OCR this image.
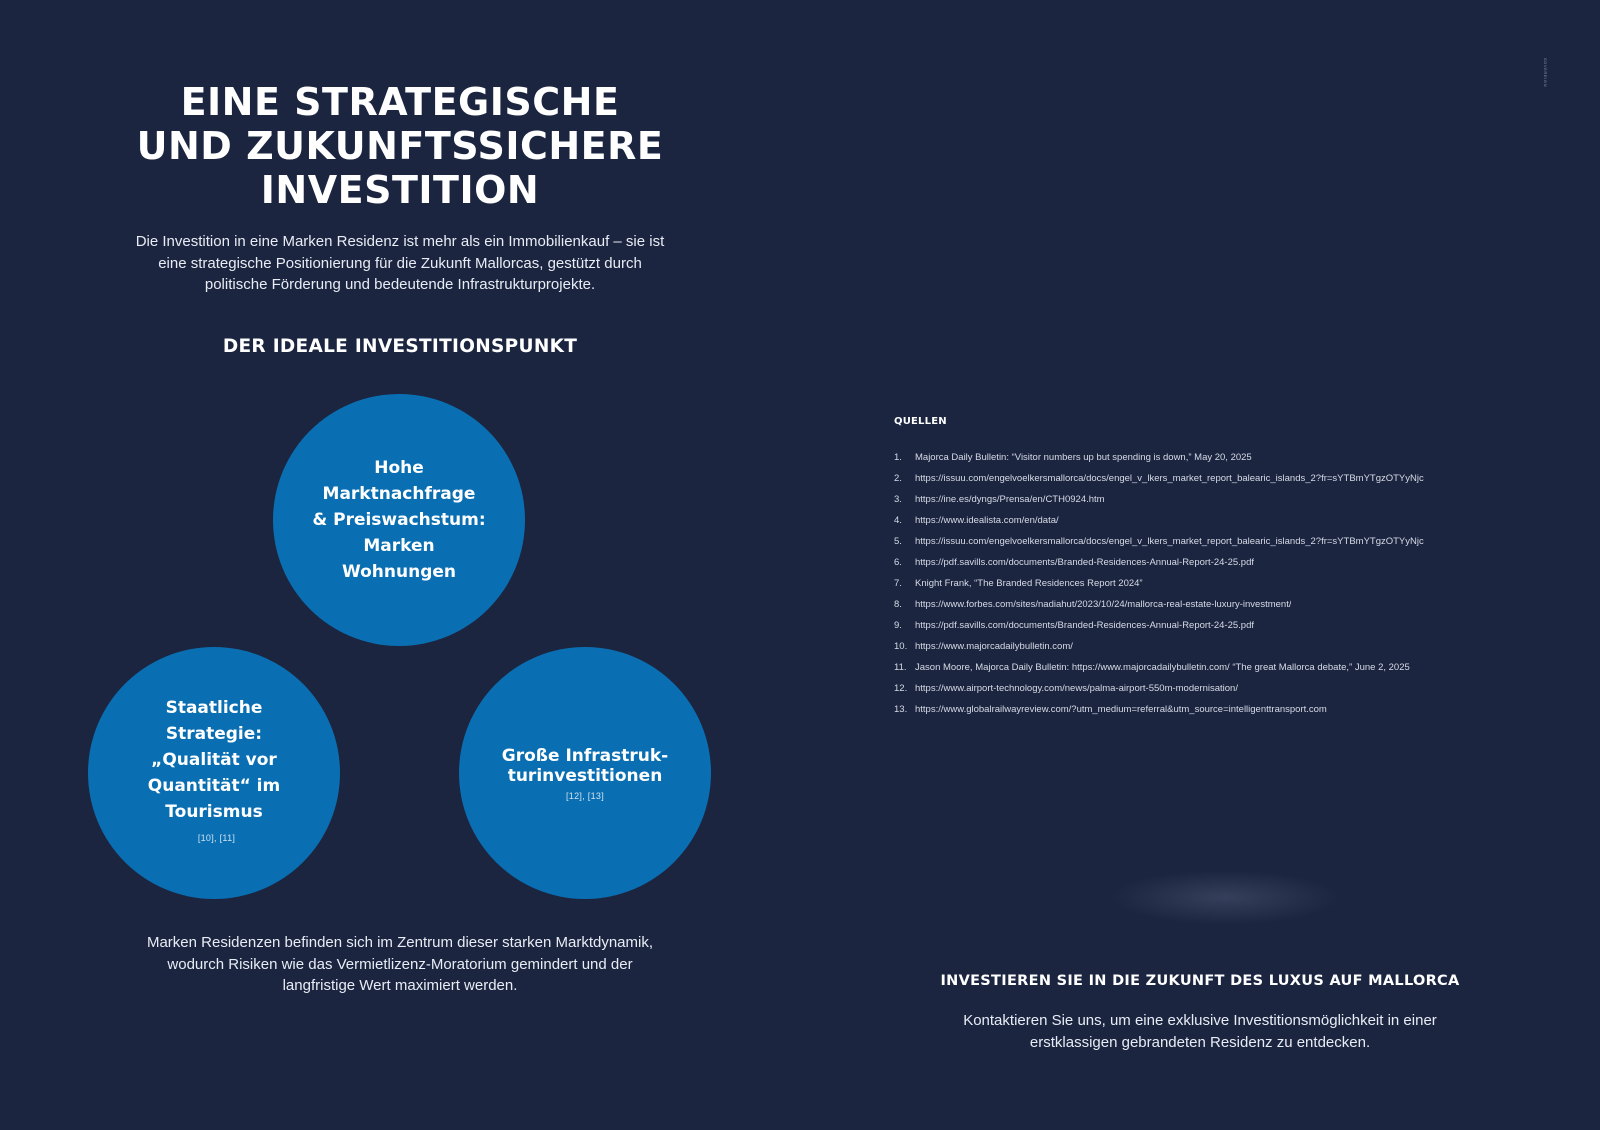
EINE STRATEGISCHE
UND ZUKUNFTSSICHERE
INVESTITION
Die Investition in eine Marken Residenz ist mehr als ein Immobilienkauf – sie ist eine strategische Positionierung für die Zukunft Mallorcas, gestützt durch politische Förderung und bedeutende Infrastrukturprojekte.
DER IDEALE INVESTITIONSPUNKT
Hohe
Marktnachfrage
& Preiswachstum:
Marken
Wohnungen
Staatliche
Strategie:
„Qualität vor
Quantität“ im
Tourismus
[10], [11]
Große Infrastruk-
turinvestitionen
[12], [13]
Marken Residenzen befinden sich im Zentrum dieser starken Marktdynamik, wodurch Risiken wie das Vermietlizenz-Moratorium gemindert und der langfristige Wert maximiert werden.
SOVEREIGN
QUELLEN
1.	Majorca Daily Bulletin: “Visitor numbers up but spending is down,” May 20, 2025
2.	https://issuu.com/engelvoelkersmallorca/docs/engel_v_lkers_market_report_balearic_islands_2?fr=sYTBmYTgzOTYyNjc
3.	https://ine.es/dyngs/Prensa/en/CTH0924.htm
4.	https://www.idealista.com/en/data/
5.	https://issuu.com/engelvoelkersmallorca/docs/engel_v_lkers_market_report_balearic_islands_2?fr=sYTBmYTgzOTYyNjc
6.	https://pdf.savills.com/documents/Branded-Residences-Annual-Report-24-25.pdf
7.	Knight Frank, “The Branded Residences Report 2024”
8.	https://www.forbes.com/sites/nadiahut/2023/10/24/mallorca-real-estate-luxury-investment/
9.	https://pdf.savills.com/documents/Branded-Residences-Annual-Report-24-25.pdf
10. https://www.majorcadailybulletin.com/
11. Jason Moore, Majorca Daily Bulletin: https://www.majorcadailybulletin.com/ “The great Mallorca debate,” June 2, 2025
12. https://www.airport-technology.com/news/palma-airport-550m-modernisation/
13. https://www.globalrailwayreview.com/?utm_medium=referral&utm_source=intelligenttransport.com
INVESTIEREN SIE IN DIE ZUKUNFT DES LUXUS AUF MALLORCA
Kontaktieren Sie uns, um eine exklusive Investitionsmöglichkeit in einer erstklassigen gebrandeten Residenz zu entdecken.
